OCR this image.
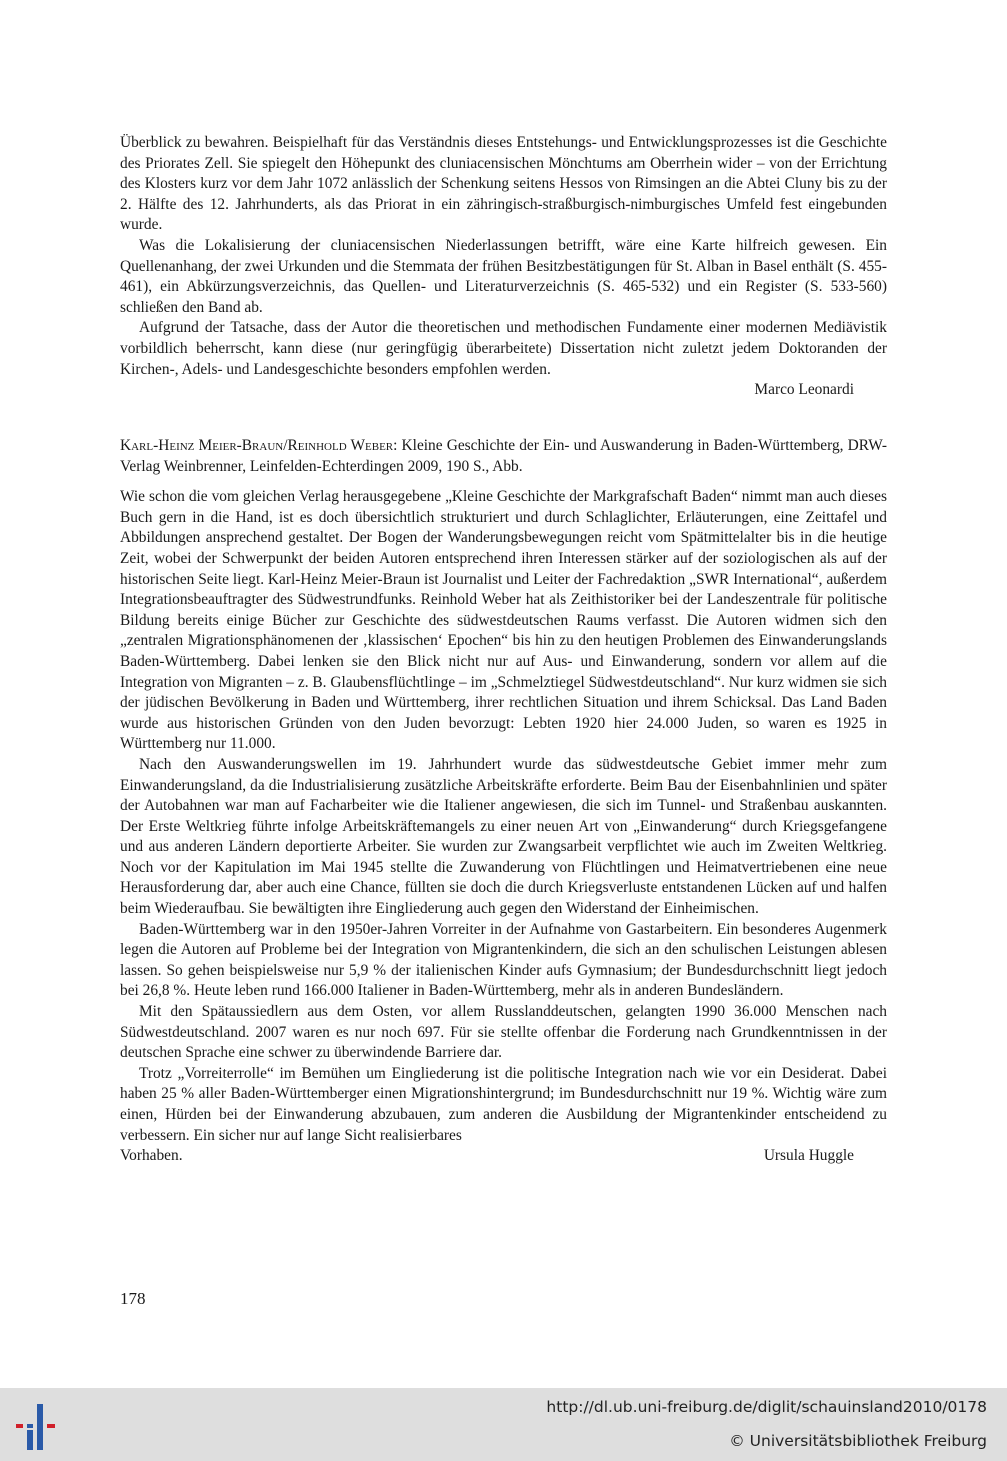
Überblick zu bewahren. Beispielhaft für das Verständnis dieses Entstehungs- und Entwicklungsprozesses ist die Geschichte des Priorates Zell. Sie spiegelt den Höhepunkt des cluniacensischen Mönchtums am Oberrhein wider – von der Errichtung des Klosters kurz vor dem Jahr 1072 anlässlich der Schenkung seitens Hessos von Rimsingen an die Abtei Cluny bis zu der 2. Hälfte des 12. Jahrhunderts, als das Priorat in ein zähringisch-straßburgisch-nimburgisches Umfeld fest eingebunden wurde.

Was die Lokalisierung der cluniacensischen Niederlassungen betrifft, wäre eine Karte hilfreich gewesen. Ein Quellenanhang, der zwei Urkunden und die Stemmata der frühen Besitzbestätigungen für St. Alban in Basel enthält (S. 455-461), ein Abkürzungsverzeichnis, das Quellen- und Literaturverzeichnis (S. 465-532) und ein Register (S. 533-560) schließen den Band ab.

Aufgrund der Tatsache, dass der Autor die theoretischen und methodischen Fundamente einer modernen Mediävistik vorbildlich beherrscht, kann diese (nur geringfügig überarbeitete) Dissertation nicht zuletzt jedem Doktoranden der Kirchen-, Adels- und Landesgeschichte besonders empfohlen werden.

Marco Leonardi

Karl-Heinz Meier-Braun/Reinhold Weber: Kleine Geschichte der Ein- und Auswanderung in Baden-Württemberg, DRW-Verlag Weinbrenner, Leinfelden-Echterdingen 2009, 190 S., Abb.

Wie schon die vom gleichen Verlag herausgegebene „Kleine Geschichte der Markgrafschaft Baden“ nimmt man auch dieses Buch gern in die Hand, ist es doch übersichtlich strukturiert und durch Schlaglichter, Erläuterungen, eine Zeittafel und Abbildungen ansprechend gestaltet. Der Bogen der Wanderungsbewegungen reicht vom Spätmittelalter bis in die heutige Zeit, wobei der Schwerpunkt der beiden Autoren entsprechend ihren Interessen stärker auf der soziologischen als auf der historischen Seite liegt. Karl-Heinz Meier-Braun ist Journalist und Leiter der Fachredaktion „SWR International“, außerdem Integrationsbeauftragter des Südwestrundfunks. Reinhold Weber hat als Zeithistoriker bei der Landeszentrale für politische Bildung bereits einige Bücher zur Geschichte des südwestdeutschen Raums verfasst. Die Autoren widmen sich den „zentralen Migrationsphänomenen der ‚klassischen‘ Epochen“ bis hin zu den heutigen Problemen des Einwanderungslands Baden-Württemberg. Dabei lenken sie den Blick nicht nur auf Aus- und Einwanderung, sondern vor allem auf die Integration von Migranten – z. B. Glaubensflüchtlinge – im „Schmelztiegel Südwestdeutschland“. Nur kurz widmen sie sich der jüdischen Bevölkerung in Baden und Württemberg, ihrer rechtlichen Situation und ihrem Schicksal. Das Land Baden wurde aus historischen Gründen von den Juden bevorzugt: Lebten 1920 hier 24.000 Juden, so waren es 1925 in Württemberg nur 11.000.

Nach den Auswanderungswellen im 19. Jahrhundert wurde das südwestdeutsche Gebiet immer mehr zum Einwanderungsland, da die Industrialisierung zusätzliche Arbeitskräfte erforderte. Beim Bau der Eisenbahnlinien und später der Autobahnen war man auf Facharbeiter wie die Italiener angewiesen, die sich im Tunnel- und Straßenbau auskannten. Der Erste Weltkrieg führte infolge Arbeitskräftemangels zu einer neuen Art von „Einwanderung“ durch Kriegsgefangene und aus anderen Ländern deportierte Arbeiter. Sie wurden zur Zwangsarbeit verpflichtet wie auch im Zweiten Weltkrieg. Noch vor der Kapitulation im Mai 1945 stellte die Zuwanderung von Flüchtlingen und Heimatvertriebenen eine neue Herausforderung dar, aber auch eine Chance, füllten sie doch die durch Kriegsverluste entstandenen Lücken auf und halfen beim Wiederaufbau. Sie bewältigten ihre Eingliederung auch gegen den Widerstand der Einheimischen.

Baden-Württemberg war in den 1950er-Jahren Vorreiter in der Aufnahme von Gastarbeitern. Ein besonderes Augenmerk legen die Autoren auf Probleme bei der Integration von Migrantenkindern, die sich an den schulischen Leistungen ablesen lassen. So gehen beispielsweise nur 5,9 % der italienischen Kinder aufs Gymnasium; der Bundesdurchschnitt liegt jedoch bei 26,8 %. Heute leben rund 166.000 Italiener in Baden-Württemberg, mehr als in anderen Bundesländern.

Mit den Spätaussiedlern aus dem Osten, vor allem Russlanddeutschen, gelangten 1990 36.000 Menschen nach Südwestdeutschland. 2007 waren es nur noch 697. Für sie stellte offenbar die Forderung nach Grundkenntnissen in der deutschen Sprache eine schwer zu überwindende Barriere dar.

Trotz „Vorreiterrolle“ im Bemühen um Eingliederung ist die politische Integration nach wie vor ein Desiderat. Dabei haben 25 % aller Baden-Württemberger einen Migrationshintergrund; im Bundesdurchschnitt nur 19 %. Wichtig wäre zum einen, Hürden bei der Einwanderung abzubauen, zum anderen die Ausbildung der Migrantenkinder entscheidend zu verbessern. Ein sicher nur auf lange Sicht realisierbares

Vorhaben.	Ursula Huggle
178
http://dl.ub.uni-freiburg.de/diglit/schauinsland2010/0178
© Universitätsbibliothek Freiburg
